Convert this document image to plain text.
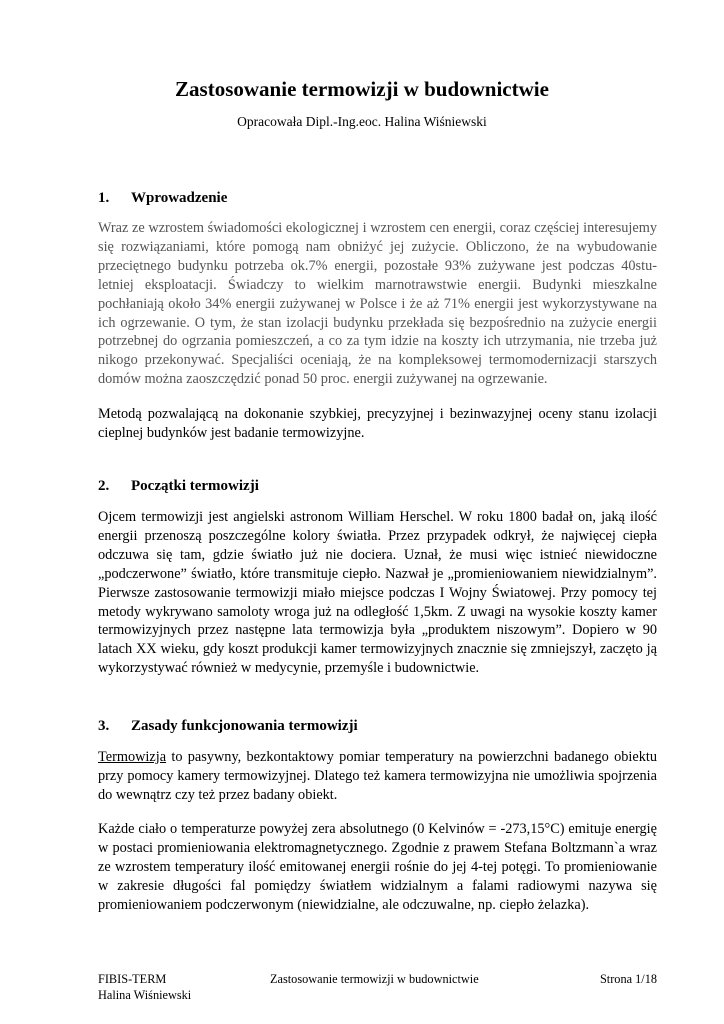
Zastosowanie termowizji w budownictwie
Opracowała Dipl.-Ing.eoc. Halina Wiśniewski
1. Wprowadzenie

Wraz ze wzrostem świadomości ekologicznej i wzrostem cen energii, coraz częściej interesujemy się rozwiązaniami, które pomogą nam obniżyć jej zużycie. Obliczono, że na wybudowanie przeciętnego budynku potrzeba ok.7% energii, pozostałe 93% zużywane jest podczas 40stu-letniej eksploatacji. Świadczy to wielkim marnotrawstwie energii. Budynki mieszkalne pochłaniają około 34% energii zużywanej w Polsce i że aż 71% energii jest wykorzystywane na ich ogrzewanie. O tym, że stan izolacji budynku przekłada się bezpośrednio na zużycie energii potrzebnej do ogrzania pomieszczeń, a co za tym idzie na koszty ich utrzymania, nie trzeba już nikogo przekonywać. Specjaliści oceniają, że na kompleksowej termomodernizacji starszych domów można zaoszczędzić ponad 50 proc. energii zużywanej na ogrzewanie.

Metodą pozwalającą na dokonanie szybkiej, precyzyjnej i bezinwazyjnej oceny stanu izolacji cieplnej budynków jest badanie termowizyjne.

2. Początki termowizji

Ojcem termowizji jest angielski astronom William Herschel. W roku 1800 badał on, jaką ilość energii przenoszą poszczególne kolory światła. Przez przypadek odkrył, że najwięcej ciepła odczuwa się tam, gdzie światło już nie dociera. Uznał, że musi więc istnieć niewidoczne „podczerwone” światło, które transmituje ciepło. Nazwał je „promieniowaniem niewidzialnym”. Pierwsze zastosowanie termowizji miało miejsce podczas I Wojny Światowej. Przy pomocy tej metody wykrywano samoloty wroga już na odległość 1,5km. Z uwagi na wysokie koszty kamer termowizyjnych przez następne lata termowizja była „produktem niszowym”. Dopiero w 90 latach XX wieku, gdy koszt produkcji kamer termowizyjnych znacznie się zmniejszył, zaczęto ją wykorzystywać również w medycynie, przemyśle i budownictwie.

3. Zasady funkcjonowania termowizji

Termowizja to pasywny, bezkontaktowy pomiar temperatury na powierzchni badanego obiektu przy pomocy kamery termowizyjnej. Dlatego też kamera termowizyjna nie umożliwia spojrzenia do wewnątrz czy też przez badany obiekt.

Każde ciało o temperaturze powyżej zera absolutnego (0 Kelvinów = -273,15°C) emituje energię w postaci promieniowania elektromagnetycznego. Zgodnie z prawem Stefana Boltzmann`a wraz ze wzrostem temperatury ilość emitowanej energii rośnie do jej 4-tej potęgi. To promieniowanie w zakresie długości fal pomiędzy światłem widzialnym a falami radiowymi nazywa się promieniowaniem podczerwonym (niewidzialne, ale odczuwalne, np. ciepło żelazka).

FIBIS-TERM
Halina Wiśniewski
Zastosowanie termowizji w budownictwie	Strona 1/18
